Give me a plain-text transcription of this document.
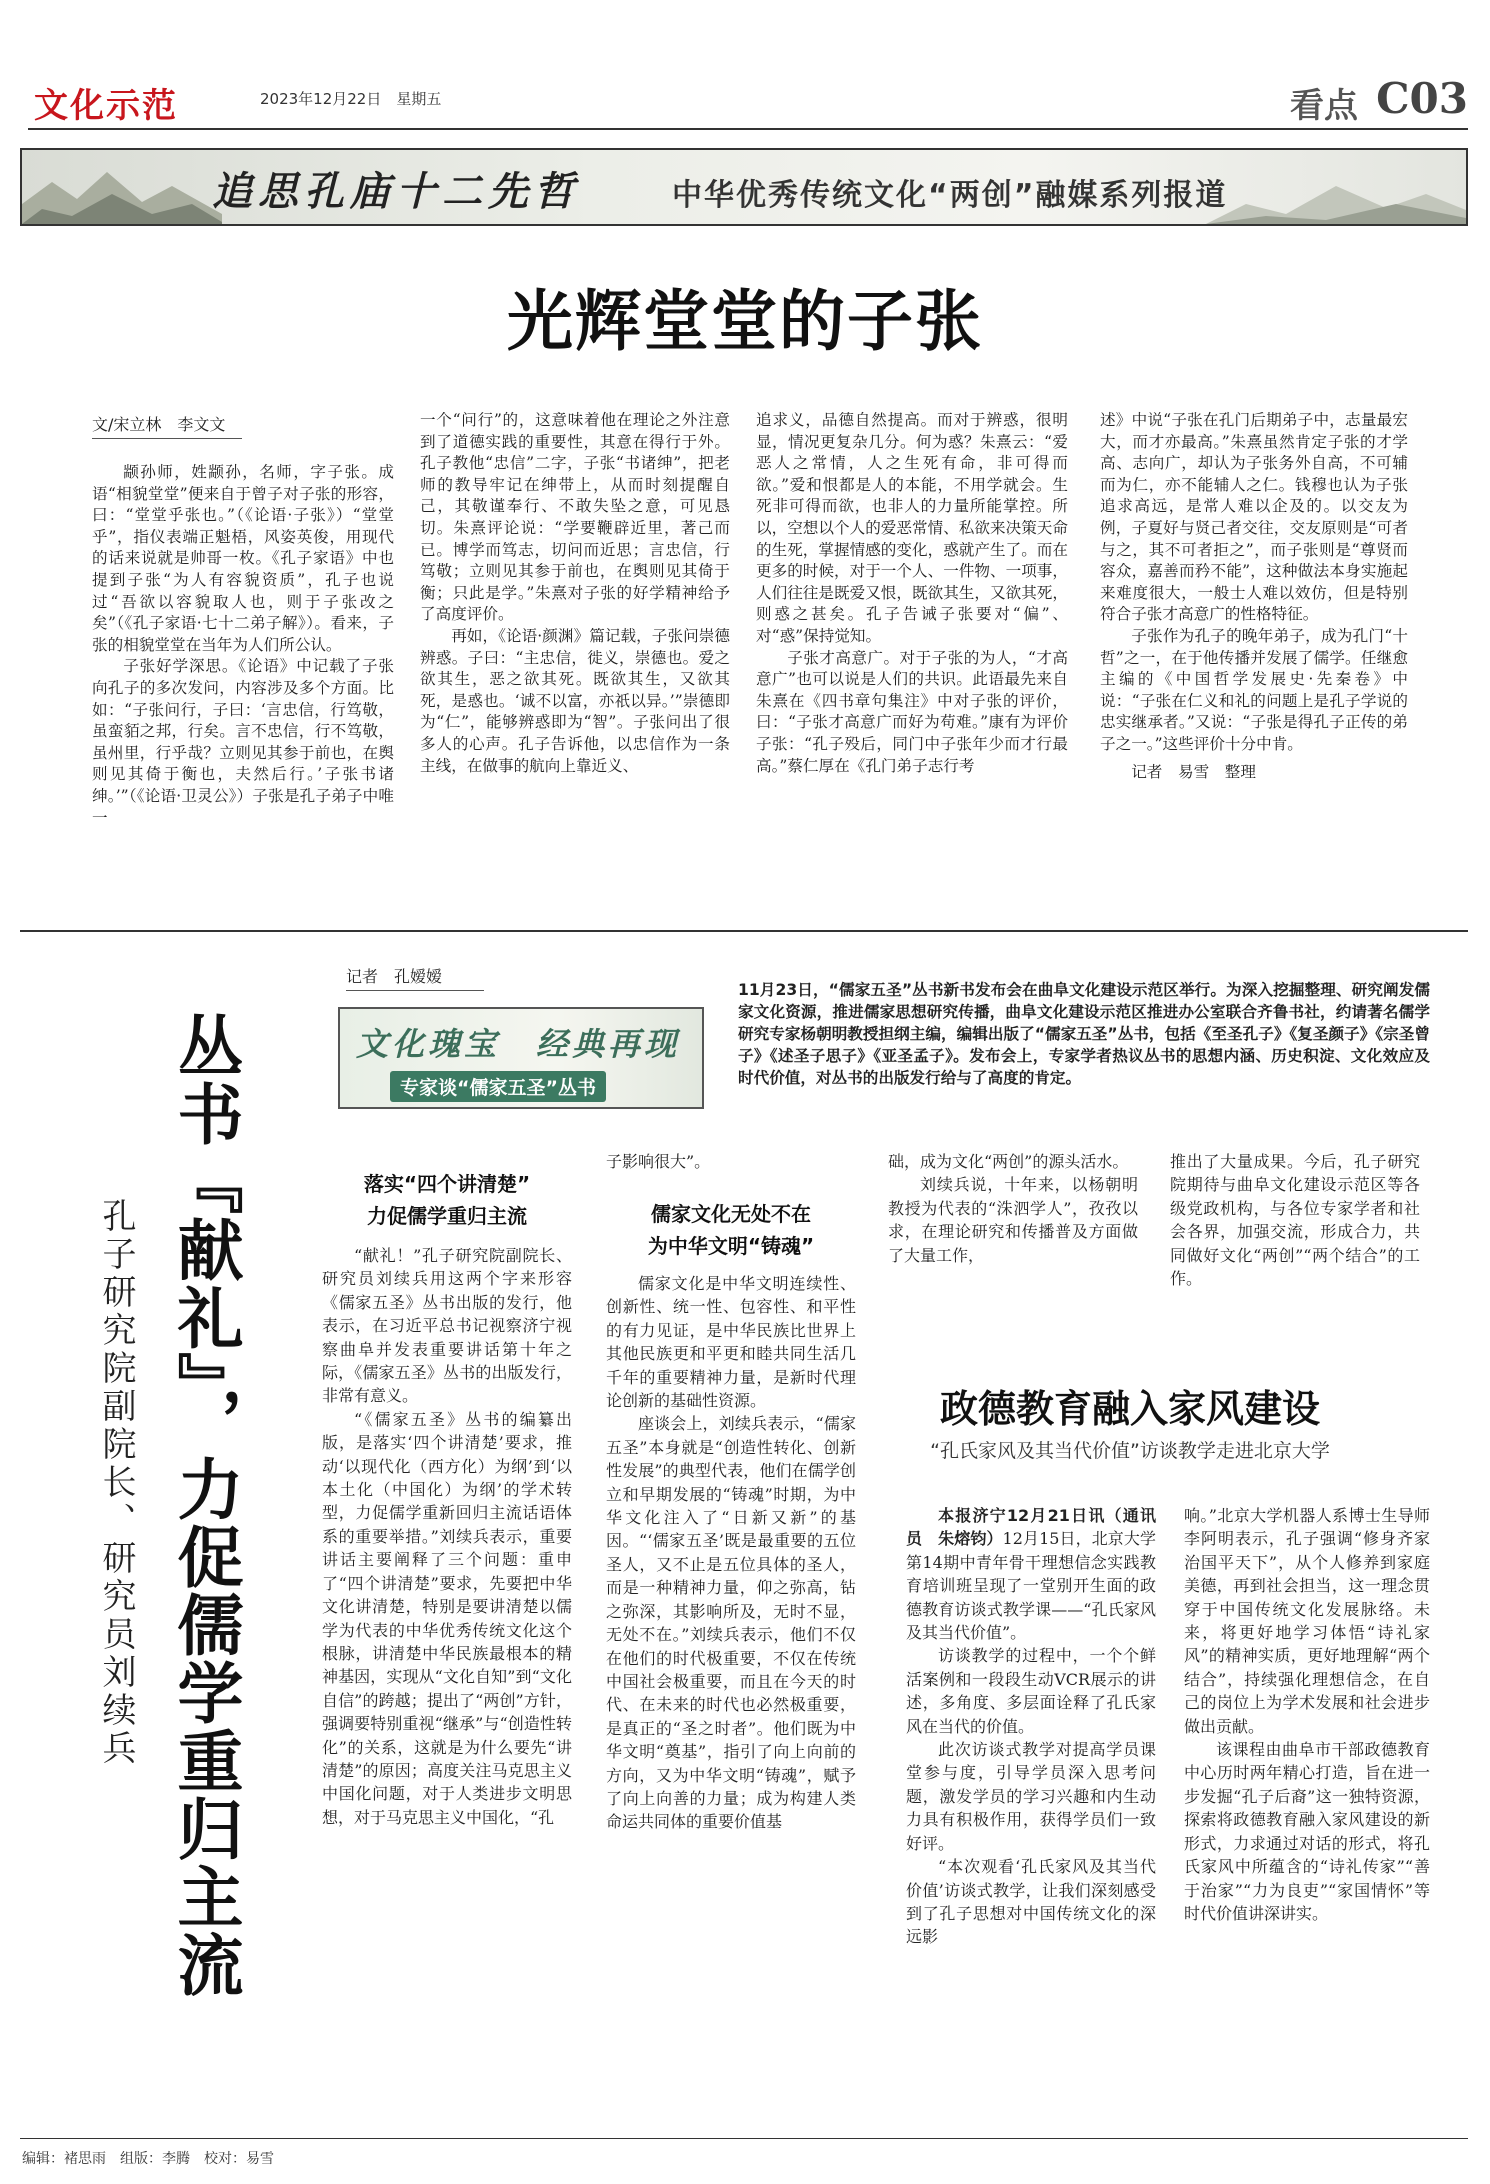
文化示范	2023年12月22日　星期五	看点 C03
追思孔庙十二先哲	中华优秀传统文化“两创”融媒系列报道
光辉堂堂的子张
文/宋立林　李文文

颛孙师，姓颛孙，名师，字子张。成语“相貌堂堂”便来自于曾子对子张的形容，曰：“堂堂乎张也。”（《论语·子张》）“堂堂乎”，指仪表端正魁梧，风姿英俊，用现代的话来说就是帅哥一枚。《孔子家语》中也提到子张“为人有容貌资质”，孔子也说过“吾欲以容貌取人也，则于子张改之矣”（《孔子家语·七十二弟子解》）。看来，子张的相貌堂堂在当年为人们所公认。

子张好学深思。《论语》中记载了子张向孔子的多次发问，内容涉及多个方面。比如：“子张问行，子曰：‘言忠信，行笃敬，虽蛮貊之邦，行矣。言不忠信，行不笃敬，虽州里，行乎哉？立则见其参于前也，在舆则见其倚于衡也，夫然后行。’子张书诸绅。’”（《论语·卫灵公》）子张是孔子弟子中唯一

一个“问行”的，这意味着他在理论之外注意到了道德实践的重要性，其意在得行于外。孔子教他“忠信”二字，子张“书诸绅”，把老师的教导牢记在绅带上，从而时刻提醒自己，其敬谨奉行、不敢失坠之意，可见恳切。朱熹评论说：“学要鞭辟近里，著己而已。博学而笃志，切问而近思；言忠信，行笃敬；立则见其参于前也，在舆则见其倚于衡；只此是学。”朱熹对子张的好学精神给予了高度评价。

再如，《论语·颜渊》篇记载，子张问崇德辨惑。子曰：“主忠信，徙义，崇德也。爱之欲其生，恶之欲其死。既欲其生，又欲其死，是惑也。‘诚不以富，亦祇以异。’”崇德即为“仁”，能够辨惑即为“智”。子张问出了很多人的心声。孔子告诉他，以忠信作为一条主线，在做事的航向上靠近义、

追求义，品德自然提高。而对于辨惑，很明显，情况更复杂几分。何为惑？朱熹云：“爱恶人之常情，人之生死有命，非可得而欲。”爱和恨都是人的本能，不用学就会。生死非可得而欲，也非人的力量所能掌控。所以，空想以个人的爱恶常情、私欲来决策天命的生死，掌握情感的变化，惑就产生了。而在更多的时候，对于一个人、一件物、一项事，人们往往是既爱又恨，既欲其生，又欲其死，则惑之甚矣。孔子告诫子张要对“偏”、对“惑”保持觉知。

子张才高意广。对于子张的为人，“才高意广”也可以说是人们的共识。此语最先来自朱熹在《四书章句集注》中对子张的评价，曰：“子张才高意广而好为苟难。”康有为评价子张：“孔子殁后，同门中子张年少而才行最高。”蔡仁厚在《孔门弟子志行考

述》中说“子张在孔门后期弟子中，志量最宏大，而才亦最高。”朱熹虽然肯定子张的才学高、志向广，却认为子张务外自高，不可辅而为仁，亦不能辅人之仁。钱穆也认为子张追求高远，是常人难以企及的。以交友为例，子夏好与贤己者交往，交友原则是“可者与之，其不可者拒之”，而子张则是“尊贤而容众，嘉善而矜不能”，这种做法本身实施起来难度很大，一般士人难以效仿，但是特别符合子张才高意广的性格特征。

子张作为孔子的晚年弟子，成为孔门“十哲”之一，在于他传播并发展了儒学。任继愈主编的《中国哲学发展史·先秦卷》中说：“子张在仁义和礼的问题上是孔子学说的忠实继承者。”又说：“子张是得孔子正传的弟子之一。”这些评价十分中肯。

记者　易雪　整理

记者　孔嫒嫒
文化瑰宝　经典再现
专家谈“儒家五圣”丛书
11月23日，“儒家五圣”丛书新书发布会在曲阜文化建设示范区举行。为深入挖掘整理、研究阐发儒家文化资源，推进儒家思想研究传播，曲阜文化建设示范区推进办公室联合齐鲁书社，约请著名儒学研究专家杨朝明教授担纲主编，编辑出版了“儒家五圣”丛书，包括《至圣孔子》《复圣颜子》《宗圣曾子》《述圣子思子》《亚圣孟子》。发布会上，专家学者热议丛书的思想内涵、历史积淀、文化效应及时代价值，对丛书的出版发行给与了高度的肯定。
丛书『献礼』，力促儒学重归主流
孔子研究院副院长、研究员刘续兵
落实“四个讲清楚”
力促儒学重归主流

“献礼！”孔子研究院副院长、研究员刘续兵用这两个字来形容《儒家五圣》丛书出版的发行，他表示，在习近平总书记视察济宁视察曲阜并发表重要讲话第十年之际，《儒家五圣》丛书的出版发行，非常有意义。

“《儒家五圣》丛书的编纂出版，是落实‘四个讲清楚’要求，推动‘以现代化（西方化）为纲’到‘以本土化（中国化）为纲’的学术转型，力促儒学重新回归主流话语体系的重要举措。”刘续兵表示，重要讲话主要阐释了三个问题：重申了“四个讲清楚”要求，先要把中华文化讲清楚，特别是要讲清楚以儒学为代表的中华优秀传统文化这个根脉，讲清楚中华民族最根本的精神基因，实现从“文化自知”到“文化自信”的跨越；提出了“两创”方针，强调要特别重视“继承”与“创造性转化”的关系，这就是为什么要先“讲清楚”的原因；高度关注马克思主义中国化问题，对于人类进步文明思想，对于马克思主义中国化，“孔

子影响很大”。

儒家文化无处不在
为中华文明“铸魂”

儒家文化是中华文明连续性、创新性、统一性、包容性、和平性的有力见证，是中华民族比世界上其他民族更和平更和睦共同生活几千年的重要精神力量，是新时代理论创新的基础性资源。

座谈会上，刘续兵表示，“儒家五圣”本身就是“创造性转化、创新性发展”的典型代表，他们在儒学创立和早期发展的“铸魂”时期，为中华文化注入了“日新又新”的基因。“‘儒家五圣’既是最重要的五位圣人，又不止是五位具体的圣人，而是一种精神力量，仰之弥高，钻之弥深，其影响所及，无时不显，无处不在。”刘续兵表示，他们不仅在他们的时代极重要，不仅在传统中国社会极重要，而且在今天的时代、在未来的时代也必然极重要，是真正的“圣之时者”。他们既为中华文明“奠基”，指引了向上向前的方向，又为中华文明“铸魂”，赋予了向上向善的力量；成为构建人类命运共同体的重要价值基

础，成为文化“两创”的源头活水。

刘续兵说，十年来，以杨朝明教授为代表的“洙泗学人”，孜孜以求，在理论研究和传播普及方面做了大量工作，

推出了大量成果。今后，孔子研究院期待与曲阜文化建设示范区等各级党政机构，与各位专家学者和社会各界，加强交流，形成合力，共同做好文化“两创”“两个结合”的工作。

政德教育融入家风建设
“孔氏家风及其当代价值”访谈教学走进北京大学

本报济宁12月21日讯（通讯员　朱熔钧）12月15日，北京大学第14期中青年骨干理想信念实践教育培训班呈现了一堂别开生面的政德教育访谈式教学课——“孔氏家风及其当代价值”。

访谈教学的过程中，一个个鲜活案例和一段段生动VCR展示的讲述，多角度、多层面诠释了孔氏家风在当代的价值。

此次访谈式教学对提高学员课堂参与度，引导学员深入思考问题，激发学员的学习兴趣和内生动力具有积极作用，获得学员们一致好评。

“本次观看‘孔氏家风及其当代价值’访谈式教学，让我们深刻感受到了孔子思想对中国传统文化的深远影

响。”北京大学机器人系博士生导师李阿明表示，孔子强调“修身齐家治国平天下”，从个人修养到家庭美德，再到社会担当，这一理念贯穿于中国传统文化发展脉络。未来，将更好地学习体悟“诗礼家风”的精神实质，更好地理解“两个结合”，持续强化理想信念，在自己的岗位上为学术发展和社会进步做出贡献。

该课程由曲阜市干部政德教育中心历时两年精心打造，旨在进一步发掘“孔子后裔”这一独特资源，探索将政德教育融入家风建设的新形式，力求通过对话的形式，将孔氏家风中所蕴含的“诗礼传家”“善于治家”“力为良吏”“家国情怀”等时代价值讲深讲实。

编辑：褚思雨　组版：李腾　校对：易雪
